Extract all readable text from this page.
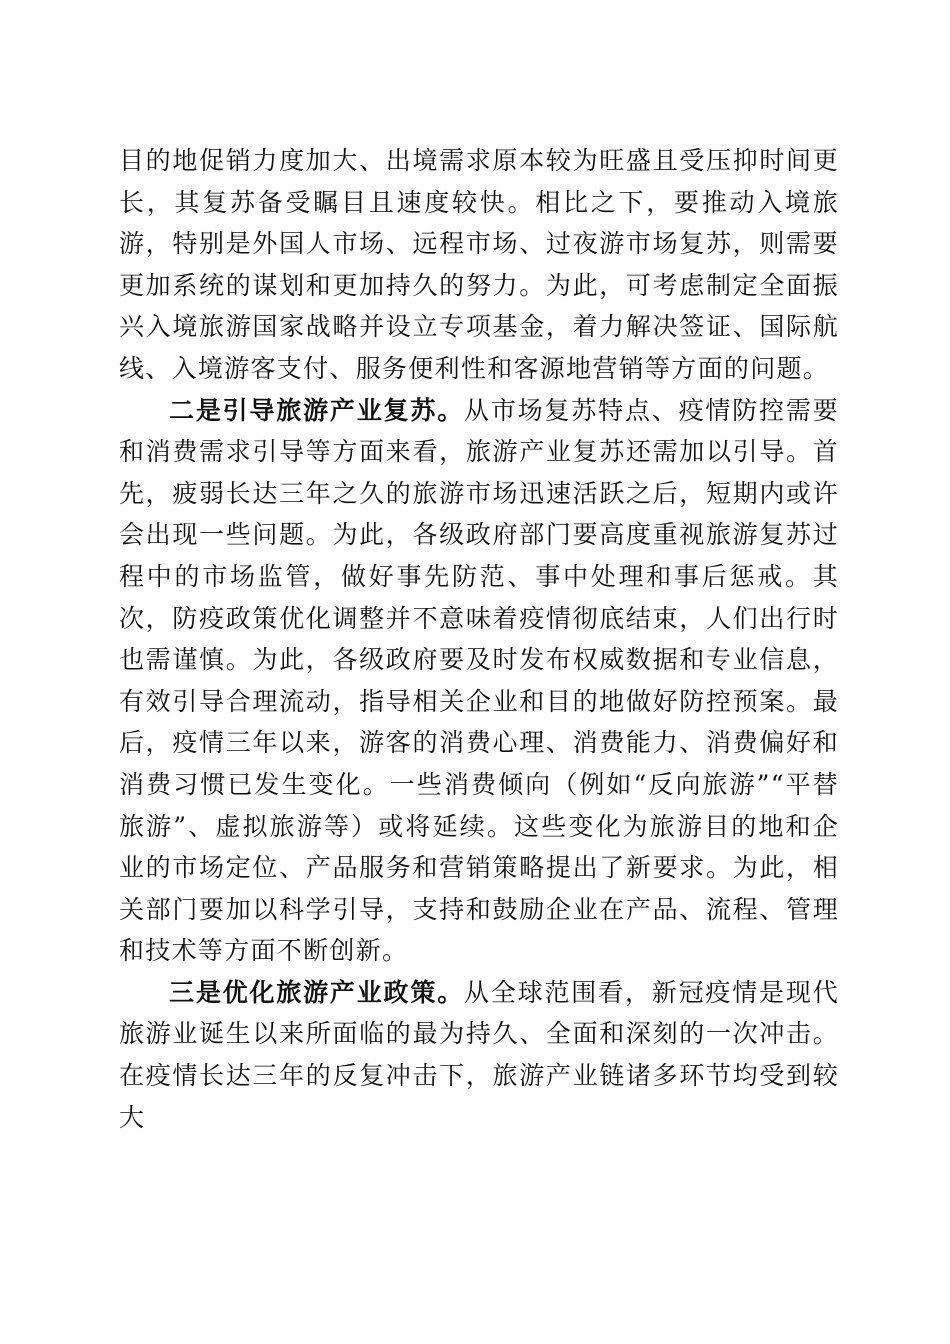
目的地促销力度加大、出境需求原本较为旺盛且受压抑时间更长，其复苏备受瞩目且速度较快。相比之下，要推动入境旅游，特别是外国人市场、远程市场、过夜游市场复苏，则需要更加系统的谋划和更加持久的努力。为此，可考虑制定全面振兴入境旅游国家战略并设立专项基金，着力解决签证、国际航线、入境游客支付、服务便利性和客源地营销等方面的问题。

二是引导旅游产业复苏。从市场复苏特点、疫情防控需要和消费需求引导等方面来看，旅游产业复苏还需加以引导。首先，疲弱长达三年之久的旅游市场迅速活跃之后，短期内或许会出现一些问题。为此，各级政府部门要高度重视旅游复苏过程中的市场监管，做好事先防范、事中处理和事后惩戒。其次，防疫政策优化调整并不意味着疫情彻底结束，人们出行时也需谨慎。为此，各级政府要及时发布权威数据和专业信息，有效引导合理流动，指导相关企业和目的地做好防控预案。最后，疫情三年以来，游客的消费心理、消费能力、消费偏好和消费习惯已发生变化。一些消费倾向（例如“反向旅游”“平替旅游”、虚拟旅游等）或将延续。这些变化为旅游目的地和企业的市场定位、产品服务和营销策略提出了新要求。为此，相关部门要加以科学引导，支持和鼓励企业在产品、流程、管理和技术等方面不断创新。

三是优化旅游产业政策。从全球范围看，新冠疫情是现代旅游业诞生以来所面临的最为持久、全面和深刻的一次冲击。在疫情长达三年的反复冲击下，旅游产业链诸多环节均受到较大
